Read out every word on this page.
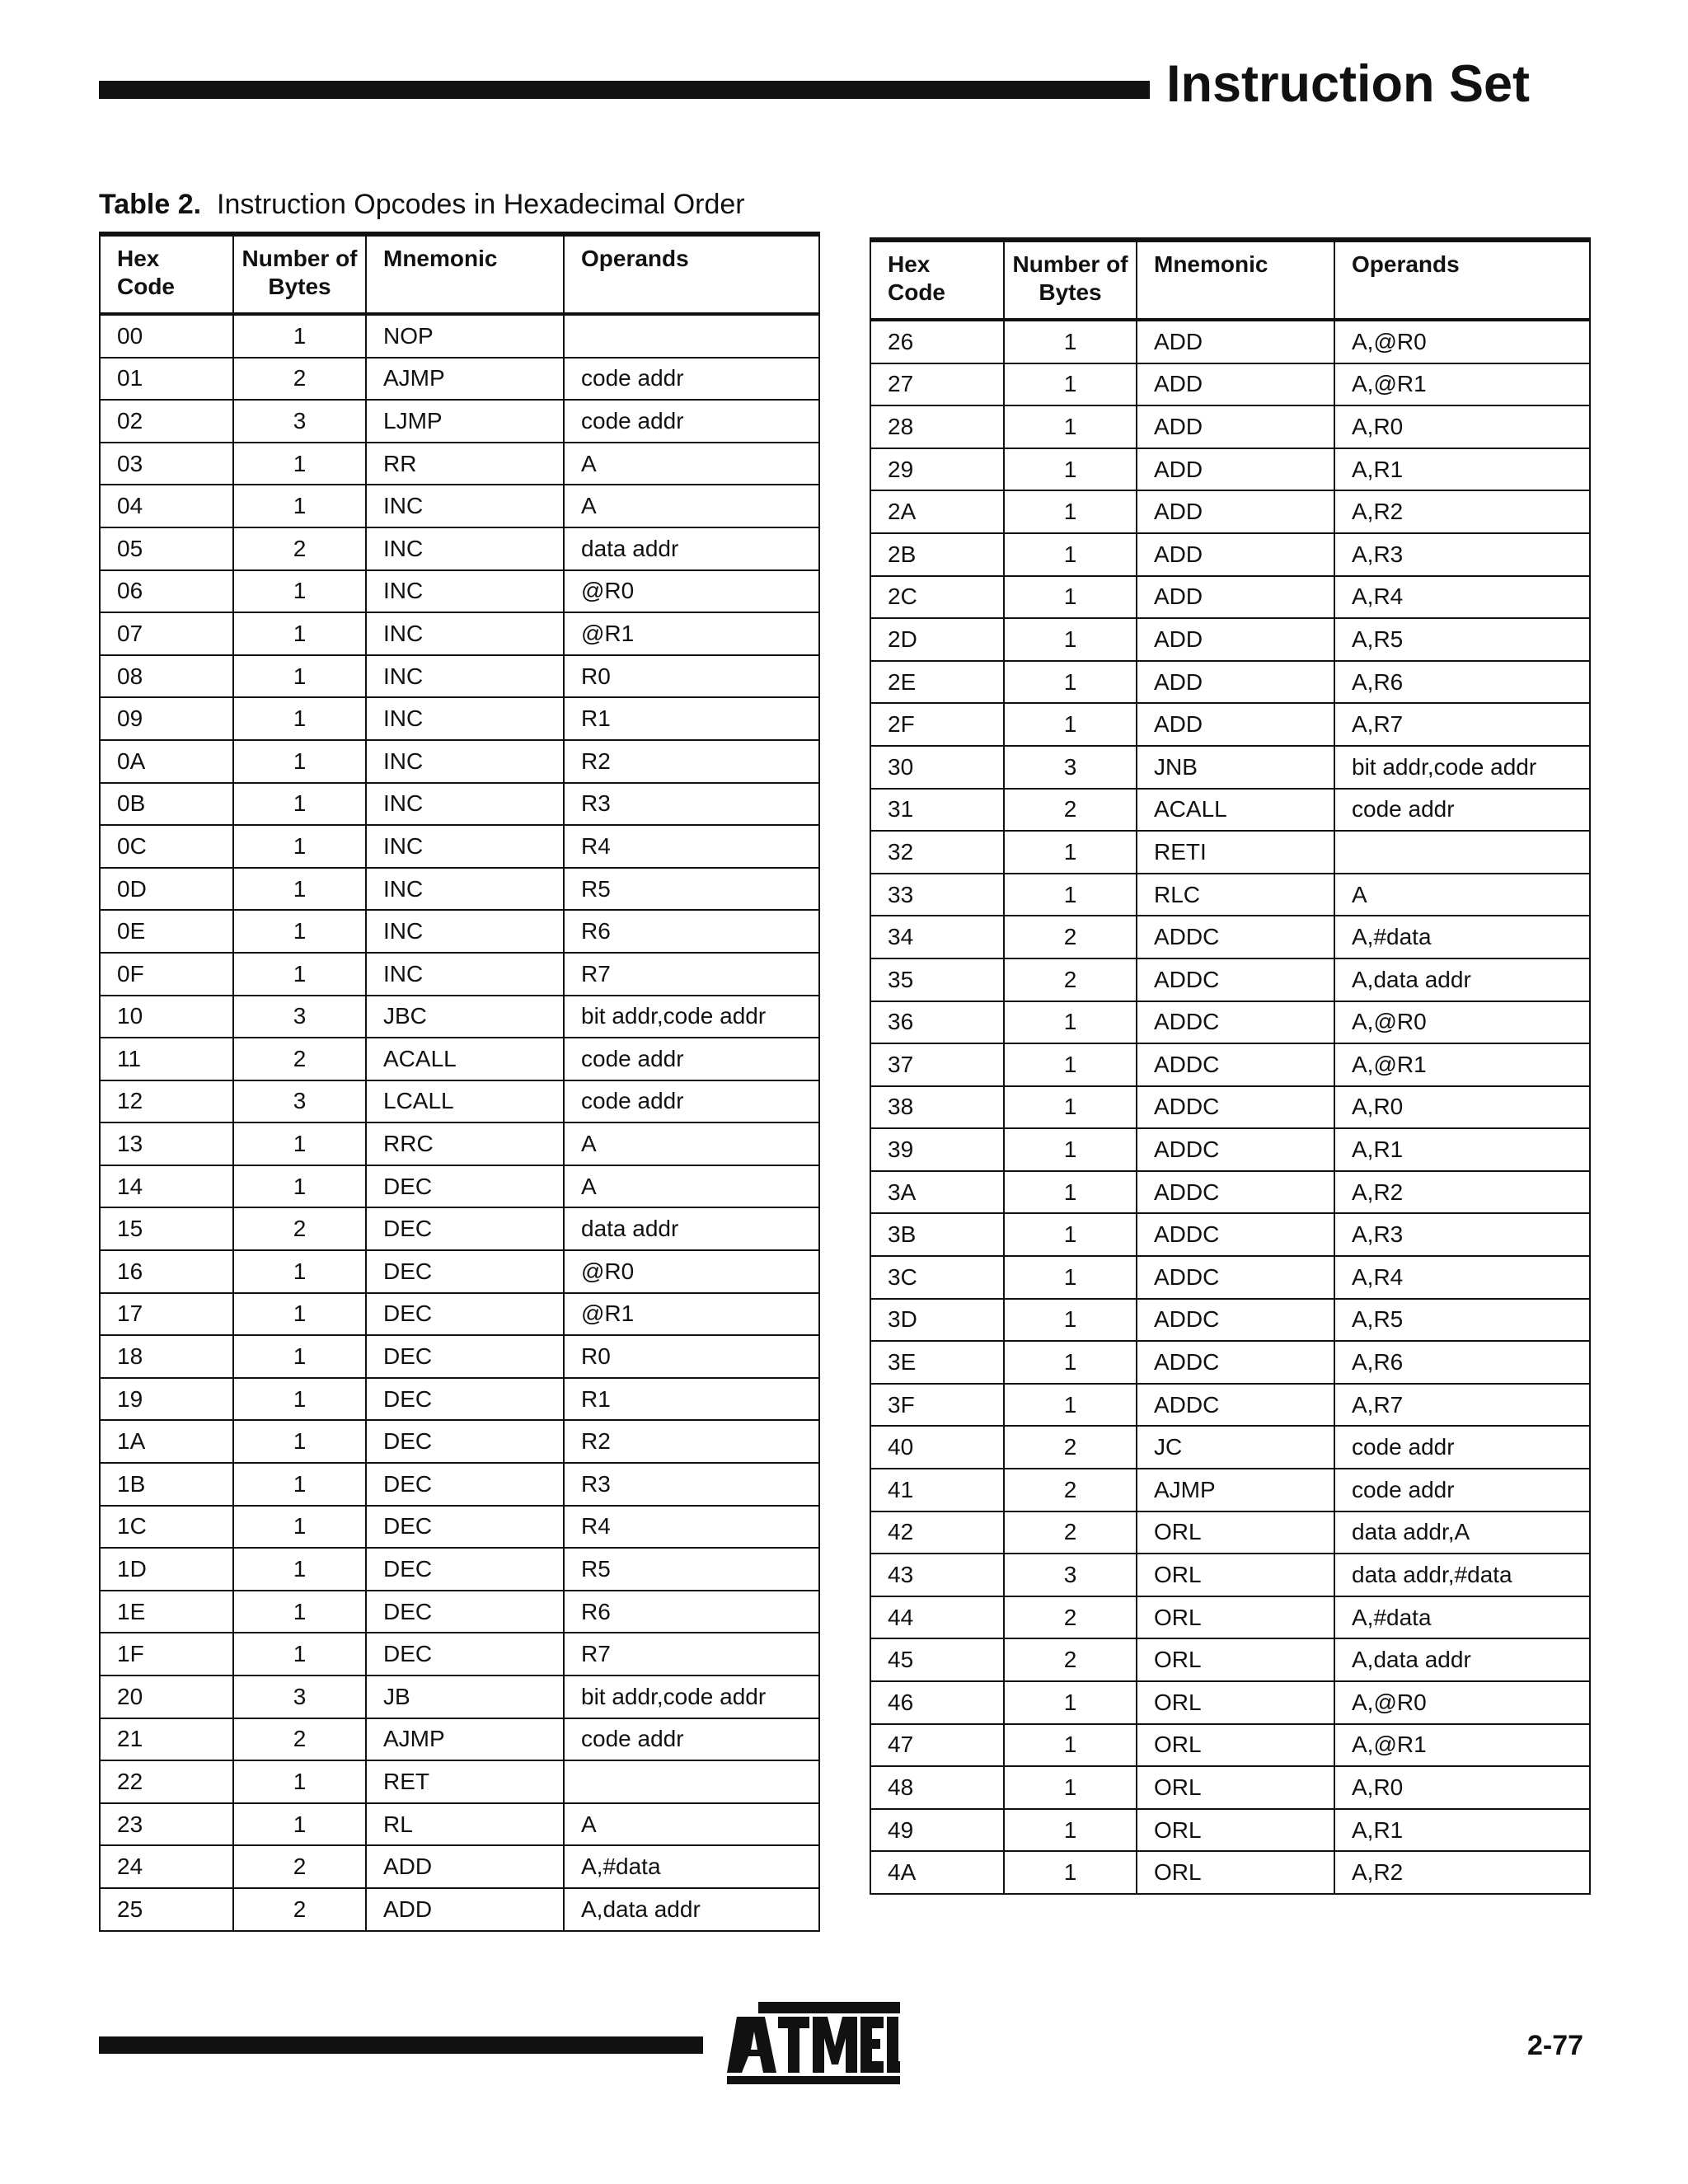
Instruction Set
Table 2. Instruction Opcodes in Hexadecimal Order
Hex Code	Number of Bytes	Mnemonic	Operands
00	1	NOP	
01	2	AJMP	code addr
02	3	LJMP	code addr
03	1	RR	A
04	1	INC	A
05	2	INC	data addr
06	1	INC	@R0
07	1	INC	@R1
08	1	INC	R0
09	1	INC	R1
0A	1	INC	R2
0B	1	INC	R3
0C	1	INC	R4
0D	1	INC	R5
0E	1	INC	R6
0F	1	INC	R7
10	3	JBC	bit addr,code addr
11	2	ACALL	code addr
12	3	LCALL	code addr
13	1	RRC	A
14	1	DEC	A
15	2	DEC	data addr
16	1	DEC	@R0
17	1	DEC	@R1
18	1	DEC	R0
19	1	DEC	R1
1A	1	DEC	R2
1B	1	DEC	R3
1C	1	DEC	R4
1D	1	DEC	R5
1E	1	DEC	R6
1F	1	DEC	R7
20	3	JB	bit addr,code addr
21	2	AJMP	code addr
22	1	RET	
23	1	RL	A
24	2	ADD	A,#data
25	2	ADD	A,data addr
Hex Code	Number of Bytes	Mnemonic	Operands
26	1	ADD	A,@R0
27	1	ADD	A,@R1
28	1	ADD	A,R0
29	1	ADD	A,R1
2A	1	ADD	A,R2
2B	1	ADD	A,R3
2C	1	ADD	A,R4
2D	1	ADD	A,R5
2E	1	ADD	A,R6
2F	1	ADD	A,R7
30	3	JNB	bit addr,code addr
31	2	ACALL	code addr
32	1	RETI	
33	1	RLC	A
34	2	ADDC	A,#data
35	2	ADDC	A,data addr
36	1	ADDC	A,@R0
37	1	ADDC	A,@R1
38	1	ADDC	A,R0
39	1	ADDC	A,R1
3A	1	ADDC	A,R2
3B	1	ADDC	A,R3
3C	1	ADDC	A,R4
3D	1	ADDC	A,R5
3E	1	ADDC	A,R6
3F	1	ADDC	A,R7
40	2	JC	code addr
41	2	AJMP	code addr
42	2	ORL	data addr,A
43	3	ORL	data addr,#data
44	2	ORL	A,#data
45	2	ORL	A,data addr
46	1	ORL	A,@R0
47	1	ORL	A,@R1
48	1	ORL	A,R0
49	1	ORL	A,R1
4A	1	ORL	A,R2
2-77
